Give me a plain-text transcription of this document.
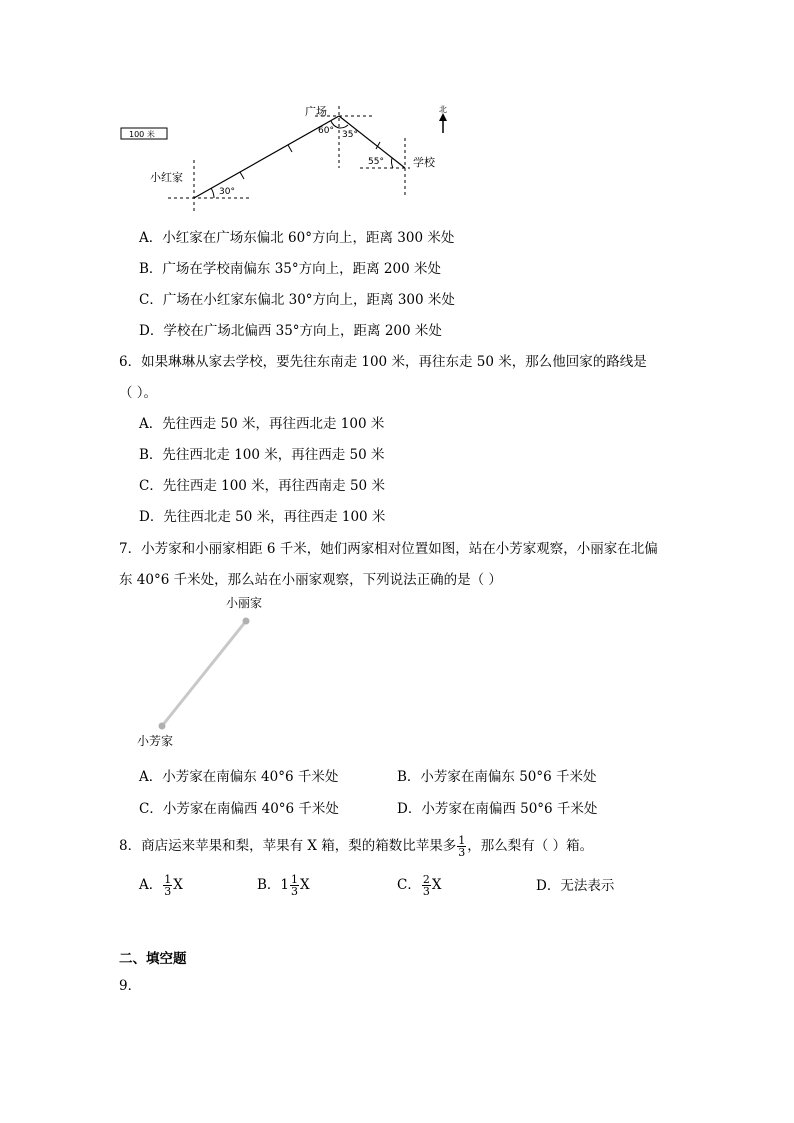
100 米
广场
小红家
学校
60° 35°
55°
30°
北
A．小红家在广场东偏北 60°方向上，距离 300 米处
B．广场在学校南偏东 35°方向上，距离 200 米处
C．广场在小红家东偏北 30°方向上，距离 300 米处
D．学校在广场北偏西 35°方向上，距离 200 米处
6．如果琳琳从家去学校，要先往东南走 100 米，再往东走 50 米，那么他回家的路线是
（ ）。
A．先往西走 50 米，再往西北走 100 米
B．先往西北走 100 米，再往西走 50 米
C．先往西走 100 米，再往西南走 50 米
D．先往西北走 50 米，再往西走 100 米
7．小芳家和小丽家相距 6 千米，她们两家相对位置如图，站在小芳家观察，小丽家在北偏
东 40°6 千米处，那么站在小丽家观察，下列说法正确的是（ ）
小丽家
小芳家
A．小芳家在南偏东 40°6 千米处	B．小芳家在南偏东 50°6 千米处
C．小芳家在南偏西 40°6 千米处	D．小芳家在南偏西 50°6 千米处
8．商店运来苹果和梨，苹果有 X 箱，梨的箱数比苹果多 $\frac{1}{3}$ ，那么梨有（ ）箱。
A． $\frac{1}{3}$ X	B．$1 \frac{1}{3}$ X	C． $\frac{2}{3}$ X	D．无法表示
二、填空题
9．
